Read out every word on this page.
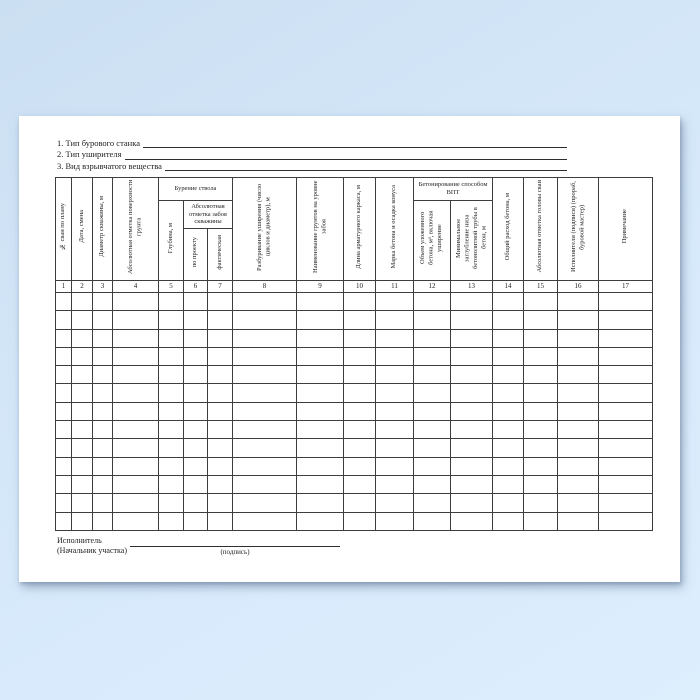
1. Тип бурового станка
2. Тип уширителя
3. Вид взрывчатого вещества
№ сваи по плану	Дата, смена	Диаметр скважины, м	Абсолютная отметка поверхности грунта	Бурение ствола			Разбуривание уширения (число циклов и диаметр), м	Наименование грунтов на уровне забоя	Длина арматурного каркаса, м	Марка бетона и осадка конуса	Бетонирование способом ВПТ		Общий расход бетона, м	Абсолютная отметка головы сваи	Исполнители (подписи) (прораб, буровой мастер)	Примечание
				Глубина, м	Абсолютная отметка забоя скважины						Объем уложенного бетона, м³, включая уширение	Минимальное заглубление низа бетонолитной трубы в бетон, м				
					по проекту	фактическая										
1	2	3	4	5	6	7	8	9	10	11	12	13	14	15	16	17

Исполнитель
(Начальник участка)	(подпись)
